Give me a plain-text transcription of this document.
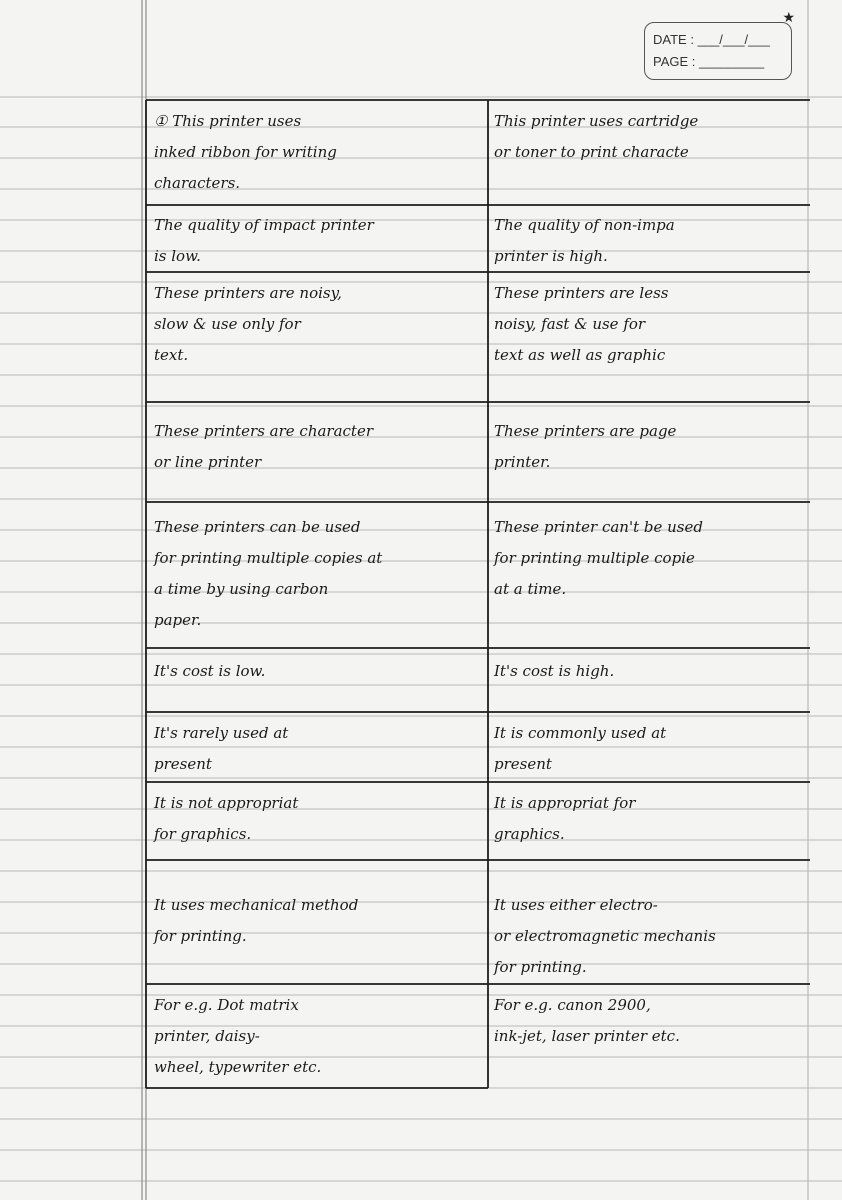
★
DATE : ___/___/___
PAGE : _________
① This printer uses
inked ribbon for writing
characters.
This printer uses cartridge
or toner to print characte
The quality of impact printer
is low.
The quality of non-impa
printer is high.
These printers are noisy,
slow & use only for
text.
These printers are less
noisy, fast & use for
text as well as graphic
These printers are character
or line printer
These printers are page
printer.
These printers can be used
for printing multiple copies at
a time by using carbon
paper.
These printer can't be used
for printing multiple copie
at a time.
It's cost is low.	It's cost is high.
It's rarely used at
present
It is commonly used at
present
It is not appropriat
for graphics.
It is appropriat for
graphics.
It uses mechanical method
for printing.
It uses either electro-
or electromagnetic mechanis
for printing.
For e.g. Dot matrix
printer, daisy-
wheel, typewriter etc.
For e.g. canon 2900,
ink-jet, laser printer etc.
